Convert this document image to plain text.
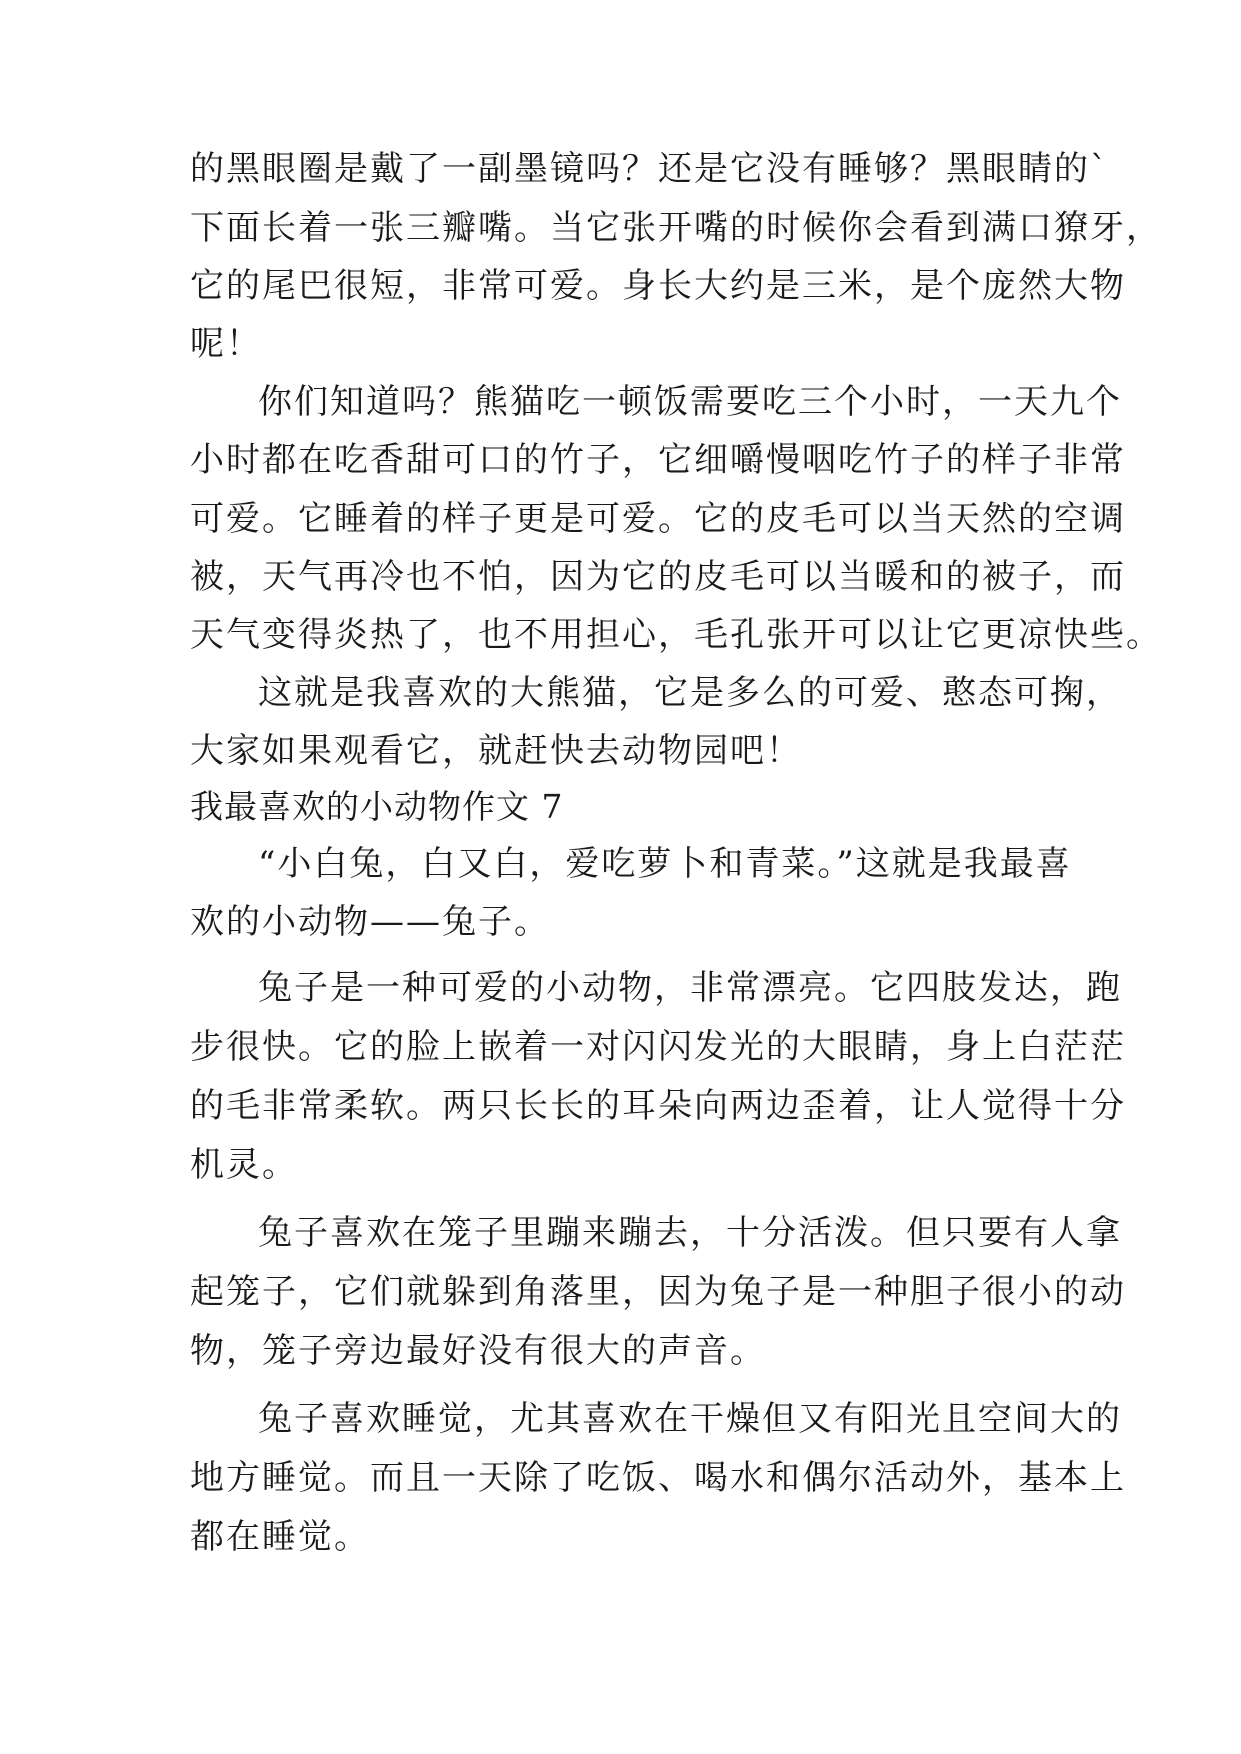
的黑眼圈是戴了一副墨镜吗？还是它没有睡够？黑眼睛的`
下面长着一张三瓣嘴。当它张开嘴的时候你会看到满口獠牙，
它的尾巴很短，非常可爱。身长大约是三米，是个庞然大物
呢！
你们知道吗？熊猫吃一顿饭需要吃三个小时，一天九个
小时都在吃香甜可口的竹子，它细嚼慢咽吃竹子的样子非常
可爱。它睡着的样子更是可爱。它的皮毛可以当天然的空调
被，天气再冷也不怕，因为它的皮毛可以当暖和的被子，而
天气变得炎热了，也不用担心，毛孔张开可以让它更凉快些。
这就是我喜欢的大熊猫，它是多么的可爱、憨态可掬，
大家如果观看它，就赶快去动物园吧！
我最喜欢的小动物作文 7
“小白兔，白又白，爱吃萝卜和青菜。”这就是我最喜
欢的小动物——兔子。
兔子是一种可爱的小动物，非常漂亮。它四肢发达，跑
步很快。它的脸上嵌着一对闪闪发光的大眼睛，身上白茫茫
的毛非常柔软。两只长长的耳朵向两边歪着，让人觉得十分
机灵。
兔子喜欢在笼子里蹦来蹦去，十分活泼。但只要有人拿
起笼子，它们就躲到角落里，因为兔子是一种胆子很小的动
物，笼子旁边最好没有很大的声音。
兔子喜欢睡觉，尤其喜欢在干燥但又有阳光且空间大的
地方睡觉。而且一天除了吃饭、喝水和偶尔活动外，基本上
都在睡觉。
